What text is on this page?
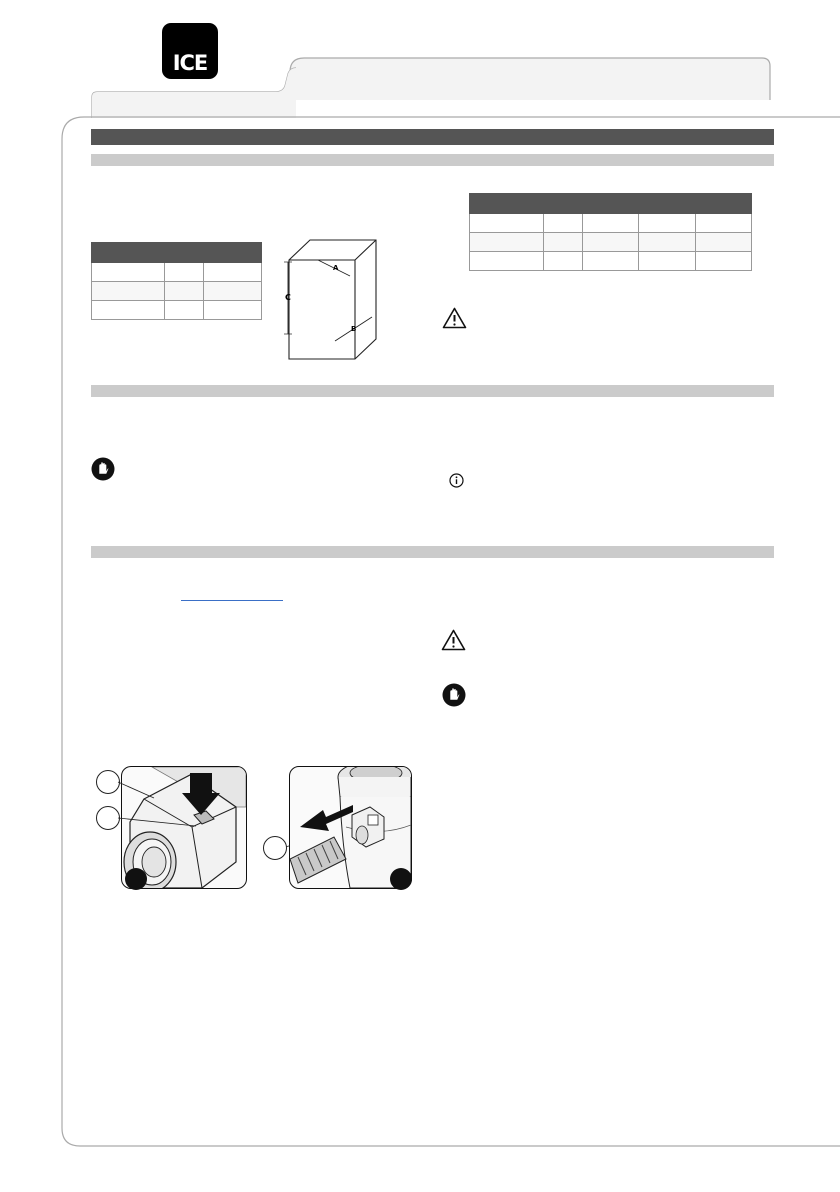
ICE

C
A
B
